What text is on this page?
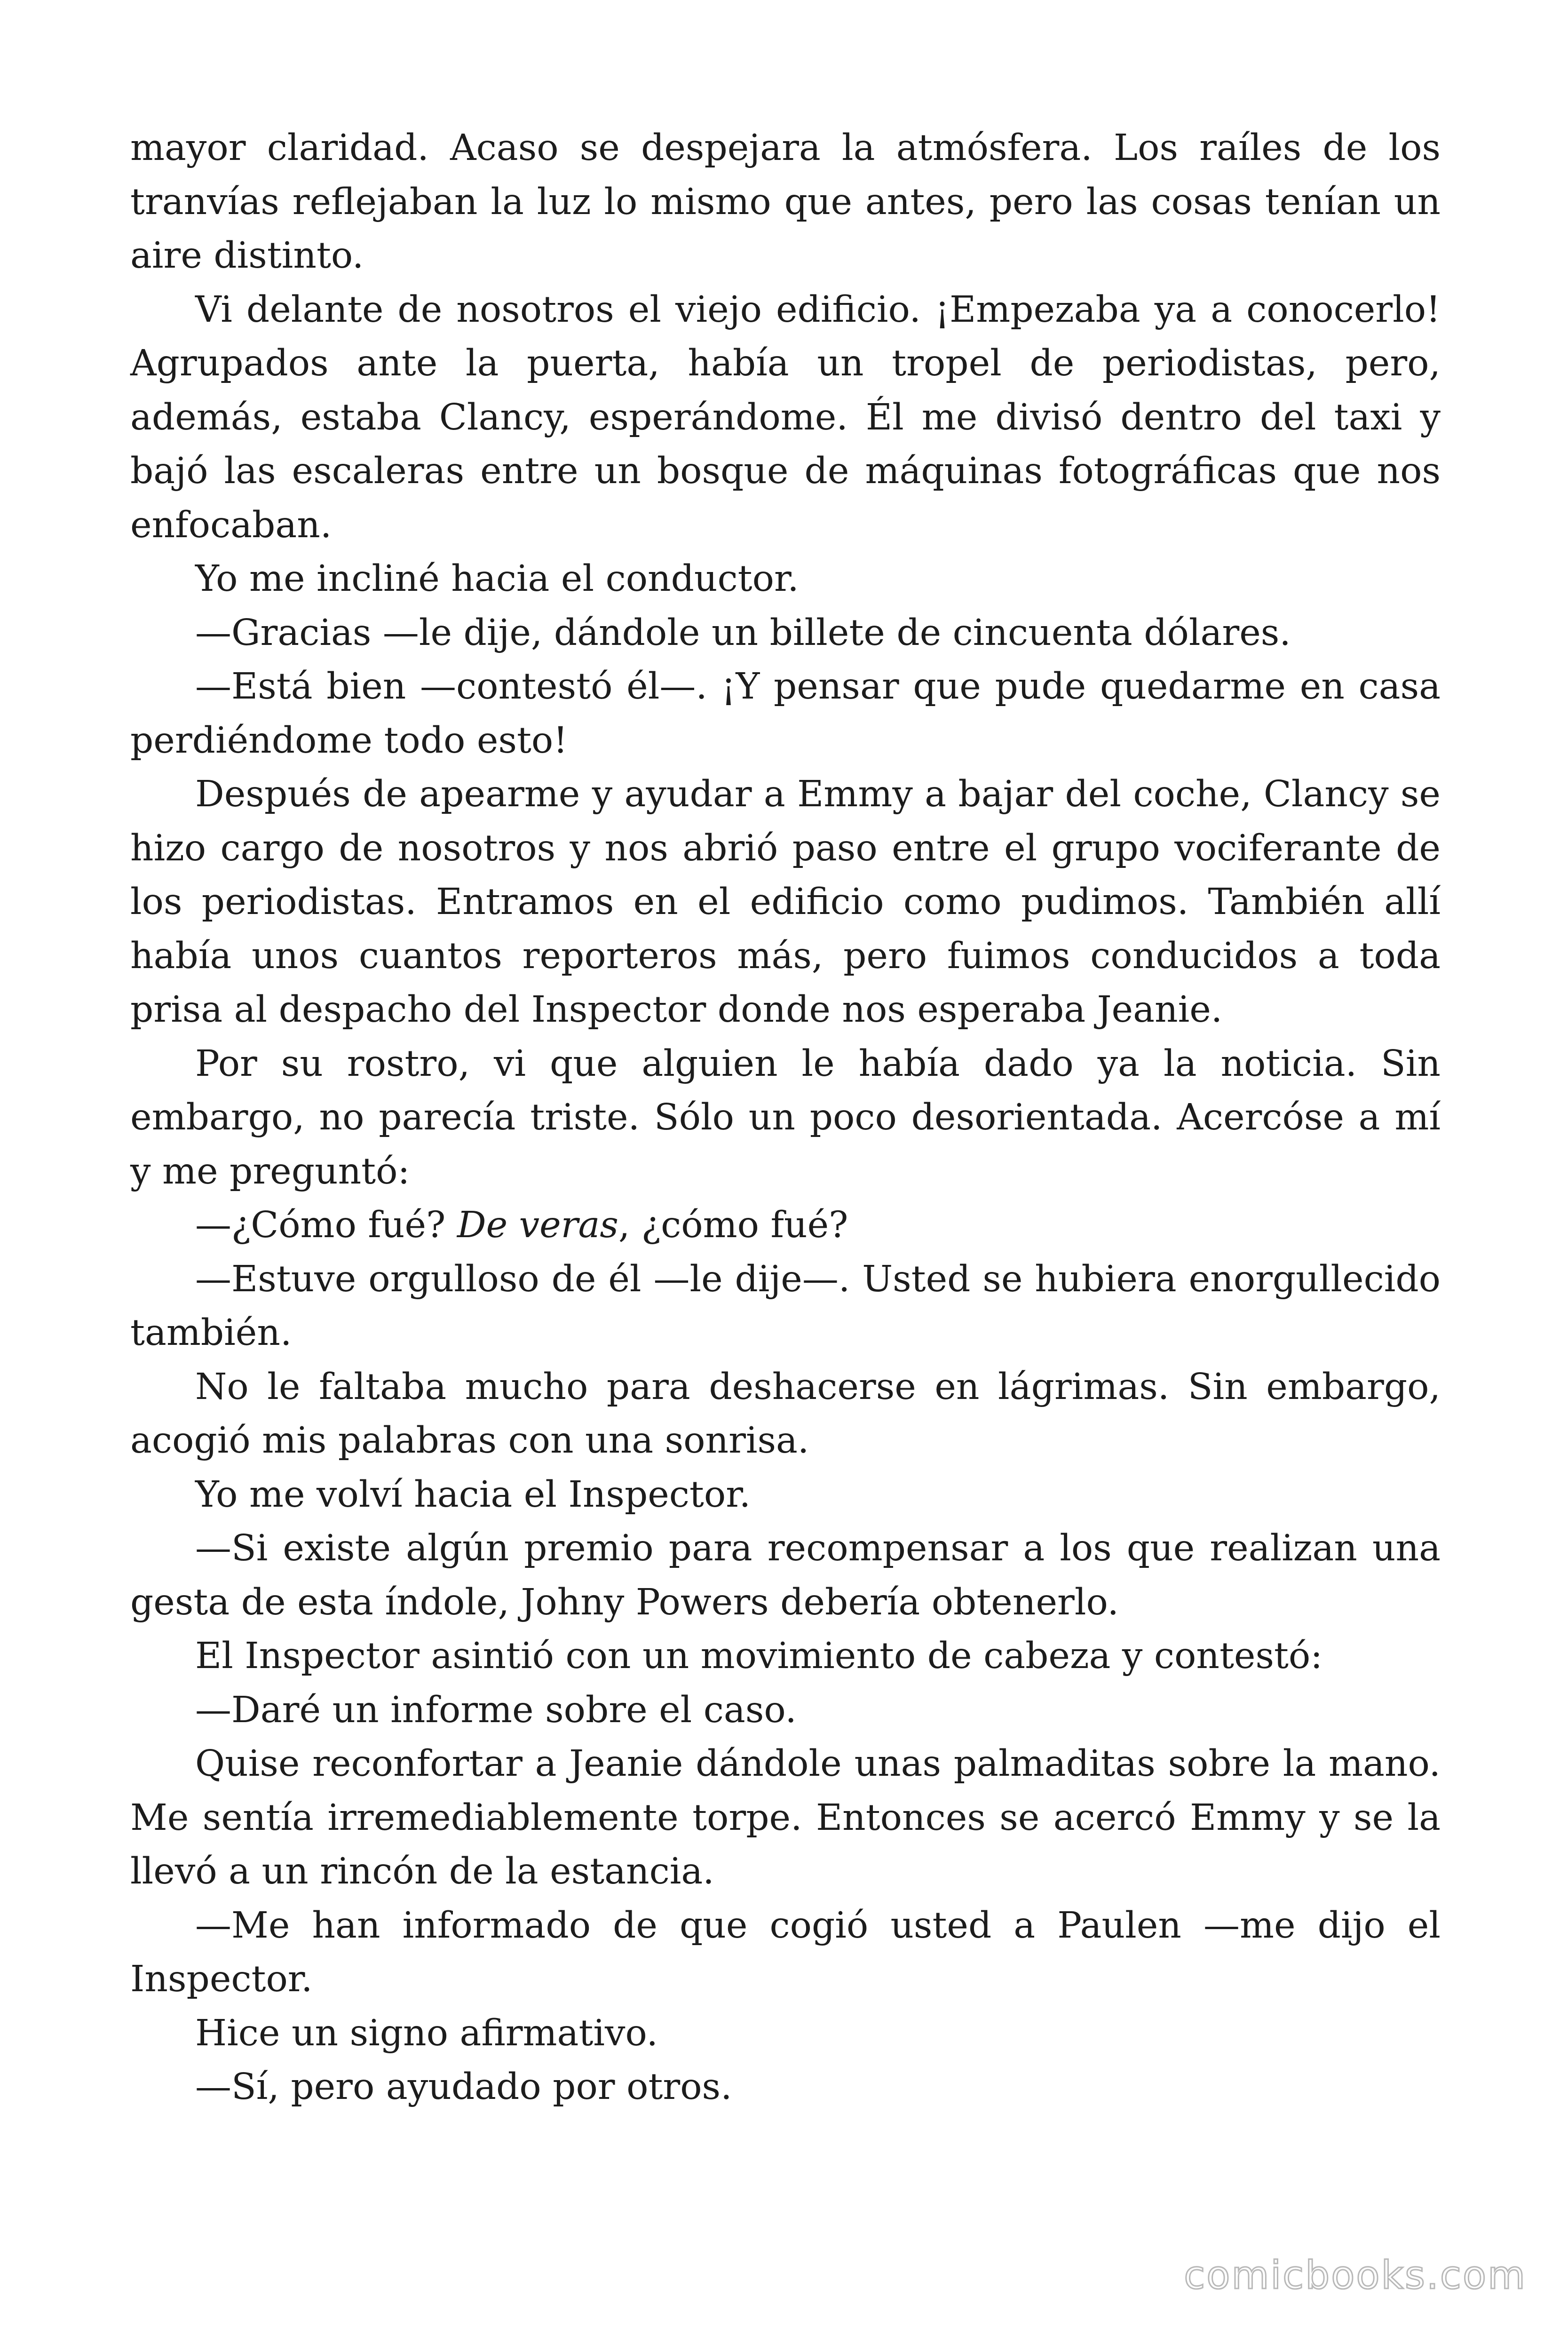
mayor claridad. Acaso se despejara la atmósfera. Los raíles de los tranvías reflejaban la luz lo mismo que antes, pero las cosas tenían un aire distinto.

Vi delante de nosotros el viejo edificio. ¡Empezaba ya a conocerlo! Agrupados ante la puerta, había un tropel de periodistas, pero, además, estaba Clancy, esperándome. Él me divisó dentro del taxi y bajó las escaleras entre un bosque de máquinas fotográficas que nos enfocaban.

Yo me incliné hacia el conductor.

—Gracias —le dije, dándole un billete de cincuenta dólares.

—Está bien —contestó él—. ¡Y pensar que pude quedarme en casa perdiéndome todo esto!

Después de apearme y ayudar a Emmy a bajar del coche, Clancy se hizo cargo de nosotros y nos abrió paso entre el grupo vociferante de los periodistas. Entramos en el edificio como pudimos. También allí había unos cuantos reporteros más, pero fuimos conducidos a toda prisa al despacho del Inspector donde nos esperaba Jeanie.

Por su rostro, vi que alguien le había dado ya la noticia. Sin embargo, no parecía triste. Sólo un poco desorientada. Acercóse a mí y me preguntó:

—¿Cómo fué? De veras, ¿cómo fué?

—Estuve orgulloso de él —le dije—. Usted se hubiera enorgullecido también.

No le faltaba mucho para deshacerse en lágrimas. Sin embargo, acogió mis palabras con una sonrisa.

Yo me volví hacia el Inspector.

—Si existe algún premio para recompensar a los que realizan una gesta de esta índole, Johny Powers debería obtenerlo.

El Inspector asintió con un movimiento de cabeza y contestó:

—Daré un informe sobre el caso.

Quise reconfortar a Jeanie dándole unas palmaditas sobre la mano. Me sentía irremediablemente torpe. Entonces se acercó Emmy y se la llevó a un rincón de la estancia.

—Me han informado de que cogió usted a Paulen —me dijo el Inspector.

Hice un signo afirmativo.

—Sí, pero ayudado por otros.

comicbooks.com
